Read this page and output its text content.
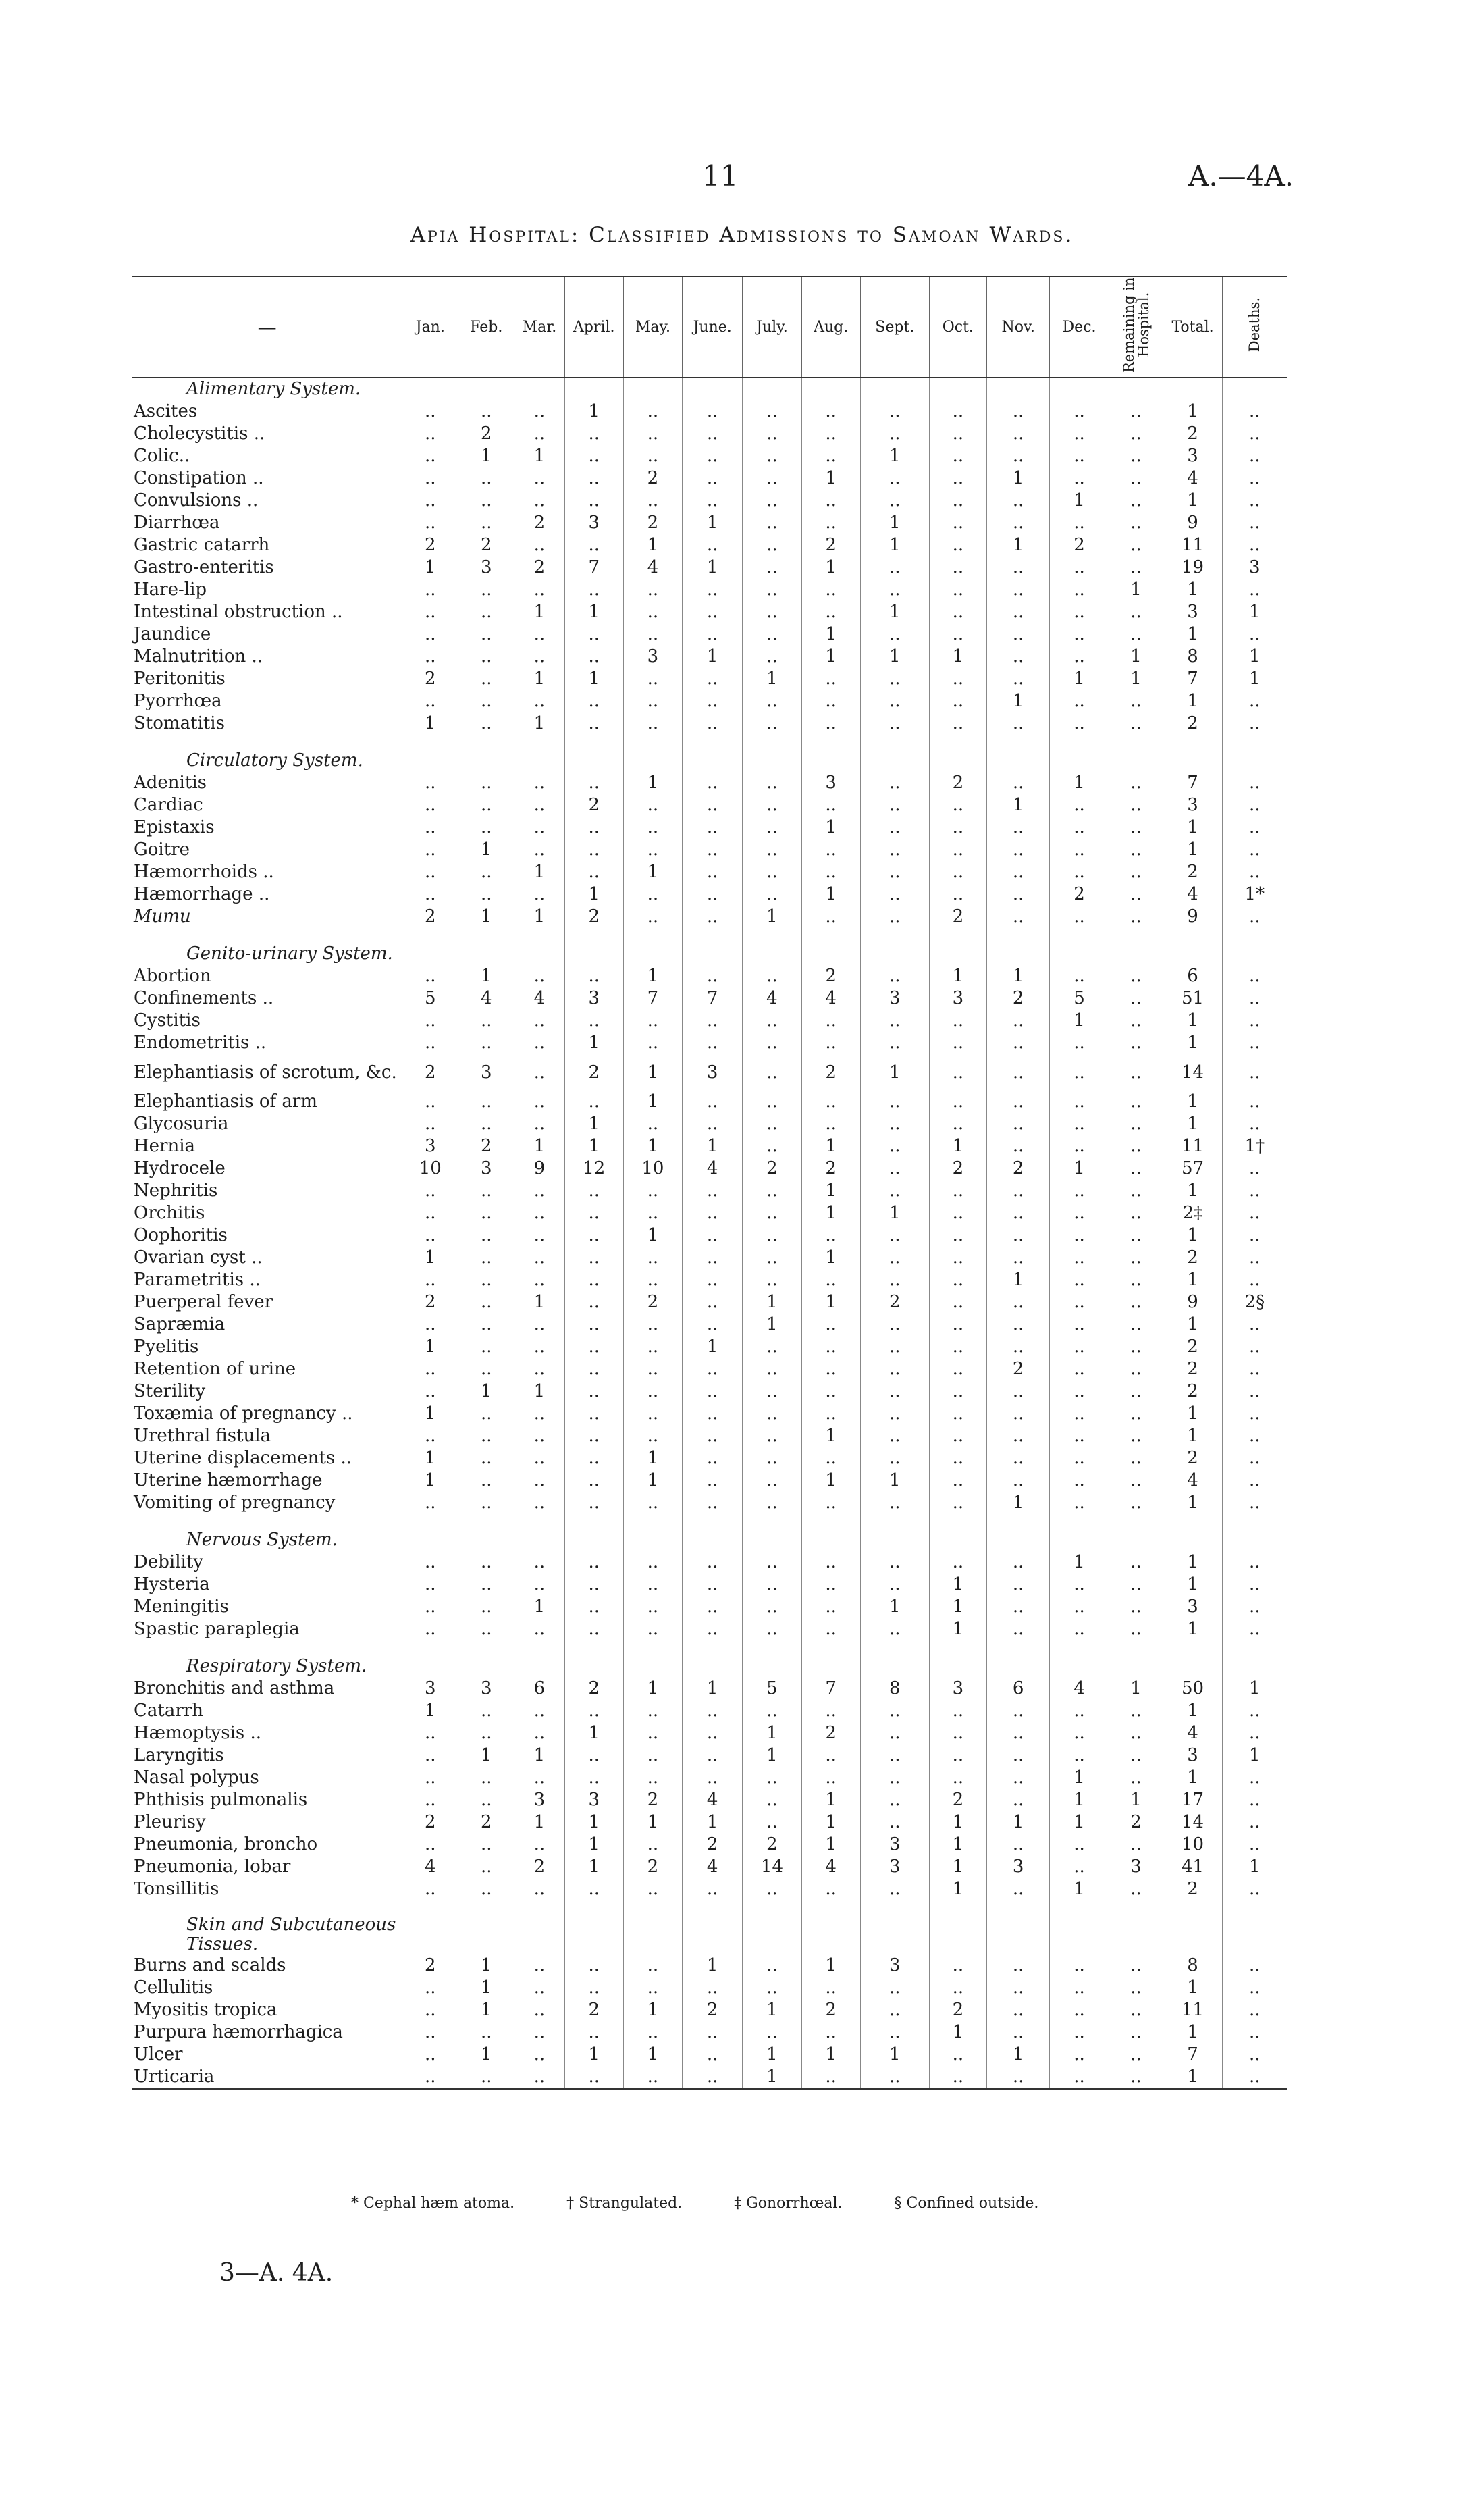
11	A.—4A.
Apia Hospital: Classified Admissions to Samoan Wards.
—	Jan.	Feb.	Mar.	April.	May.	June.	July.	Aug.	Sept.	Oct.	Nov.	Dec.	Remaining in Hospital.	Total.	Deaths.
Alimentary System.															
Ascites	..	..	..	1	..	..	..	..	..	..	..	..	..	1	..
Cholecystitis ..	..	2	..	..	..	..	..	..	..	..	..	..	..	2	..
Colic..	..	1	1	..	..	..	..	..	1	..	..	..	..	3	..
Constipation ..	..	..	..	..	2	..	..	1	..	..	1	..	..	4	..
Convulsions ..	..	..	..	..	..	..	..	..	..	..	..	1	..	1	..
Diarrhœa	..	..	2	3	2	1	..	..	1	..	..	..	..	9	..
Gastric catarrh	2	2	..	..	1	..	..	2	1	..	1	2	..	11	..
Gastro-enteritis	1	3	2	7	4	1	..	1	..	..	..	..	..	19	3
Hare-lip	..	..	..	..	..	..	..	..	..	..	..	..	1	1	..
Intestinal obstruction ..	..	..	1	1	..	..	..	..	1	..	..	..	..	3	1
Jaundice	..	..	..	..	..	..	..	1	..	..	..	..	..	1	..
Malnutrition ..	..	..	..	..	3	1	..	1	1	1	..	..	1	8	1
Peritonitis	2	..	1	1	..	..	1	..	..	..	..	1	1	7	1
Pyorrhœa	..	..	..	..	..	..	..	..	..	..	1	..	..	1	..
Stomatitis	1	..	1	..	..	..	..	..	..	..	..	..	..	2	..

Circulatory System.															
Adenitis	..	..	..	..	1	..	..	3	..	2	..	1	..	7	..
Cardiac	..	..	..	2	..	..	..	..	..	..	1	..	..	3	..
Epistaxis	..	..	..	..	..	..	..	1	..	..	..	..	..	1	..
Goitre	..	1	..	..	..	..	..	..	..	..	..	..	..	1	..
Hæmorrhoids ..	..	..	1	..	1	..	..	..	..	..	..	..	..	2	..
Hæmorrhage ..	..	..	..	1	..	..	..	1	..	..	..	2	..	4	1*
Mumu	2	1	1	2	..	..	1	..	..	2	..	..	..	9	..

Genito-urinary System.															
Abortion	..	1	..	..	1	..	..	2	..	1	1	..	..	6	..
Confinements ..	5	4	4	3	7	7	4	4	3	3	2	5	..	51	..
Cystitis	..	..	..	..	..	..	..	..	..	..	..	1	..	1	..
Endometritis ..	..	..	..	1	..	..	..	..	..	..	..	..	..	1	..
Elephantiasis of scrotum, &c.	2	3	..	2	1	3	..	2	1	..	..	..	..	14	..
Elephantiasis of arm	..	..	..	..	1	..	..	..	..	..	..	..	..	1	..
Glycosuria	..	..	..	1	..	..	..	..	..	..	..	..	..	1	..
Hernia	3	2	1	1	1	1	..	1	..	1	..	..	..	11	1†
Hydrocele	10	3	9	12	10	4	2	2	..	2	2	1	..	57	..
Nephritis	..	..	..	..	..	..	..	1	..	..	..	..	..	1	..
Orchitis	..	..	..	..	..	..	..	1	1	..	..	..	..	2‡	..
Oophoritis	..	..	..	..	1	..	..	..	..	..	..	..	..	1	..
Ovarian cyst ..	1	..	..	..	..	..	..	1	..	..	..	..	..	2	..
Parametritis ..	..	..	..	..	..	..	..	..	..	..	1	..	..	1	..
Puerperal fever	2	..	1	..	2	..	1	1	2	..	..	..	..	9	2§
Sapræmia	..	..	..	..	..	..	1	..	..	..	..	..	..	1	..
Pyelitis	1	..	..	..	..	1	..	..	..	..	..	..	..	2	..
Retention of urine	..	..	..	..	..	..	..	..	..	..	2	..	..	2	..
Sterility	..	1	1	..	..	..	..	..	..	..	..	..	..	2	..
Toxæmia of pregnancy ..	1	..	..	..	..	..	..	..	..	..	..	..	..	1	..
Urethral fistula	..	..	..	..	..	..	..	1	..	..	..	..	..	1	..
Uterine displacements ..	1	..	..	..	1	..	..	..	..	..	..	..	..	2	..
Uterine hæmorrhage	1	..	..	..	1	..	..	1	1	..	..	..	..	4	..
Vomiting of pregnancy	..	..	..	..	..	..	..	..	..	..	1	..	..	1	..

Nervous System.															
Debility	..	..	..	..	..	..	..	..	..	..	..	1	..	1	..
Hysteria	..	..	..	..	..	..	..	..	..	1	..	..	..	1	..
Meningitis	..	..	1	..	..	..	..	..	1	1	..	..	..	3	..
Spastic paraplegia	..	..	..	..	..	..	..	..	..	1	..	..	..	1	..

Respiratory System.															
Bronchitis and asthma	3	3	6	2	1	1	5	7	8	3	6	4	1	50	1
Catarrh	1	..	..	..	..	..	..	..	..	..	..	..	..	1	..
Hæmoptysis ..	..	..	..	1	..	..	1	2	..	..	..	..	..	4	..
Laryngitis	..	1	1	..	..	..	1	..	..	..	..	..	..	3	1
Nasal polypus	..	..	..	..	..	..	..	..	..	..	..	1	..	1	..
Phthisis pulmonalis	..	..	3	3	2	4	..	1	..	2	..	1	1	17	..
Pleurisy	2	2	1	1	1	1	..	1	..	1	1	1	2	14	..
Pneumonia, broncho	..	..	..	1	..	2	2	1	3	1	..	..	..	10	..
Pneumonia, lobar	4	..	2	1	2	4	14	4	3	1	3	..	3	41	1
Tonsillitis	..	..	..	..	..	..	..	..	..	1	..	1	..	2	..

Skin and Subcutaneous Tissues.															
Burns and scalds	2	1	..	..	..	1	..	1	3	..	..	..	..	8	..
Cellulitis	..	1	..	..	..	..	..	..	..	..	..	..	..	1	..
Myositis tropica	..	1	..	2	1	2	1	2	..	2	..	..	..	11	..
Purpura hæmorrhagica	..	..	..	..	..	..	..	..	..	1	..	..	..	1	..
Ulcer	..	1	..	1	1	..	1	1	1	..	1	..	..	7	..
Urticaria	..	..	..	..	..	..	1	..	..	..	..	..	..	1	..
* Cephal hæm atoma.	† Strangulated.	‡ Gonorrhœal.	§ Confined outside.
3—A. 4A.
